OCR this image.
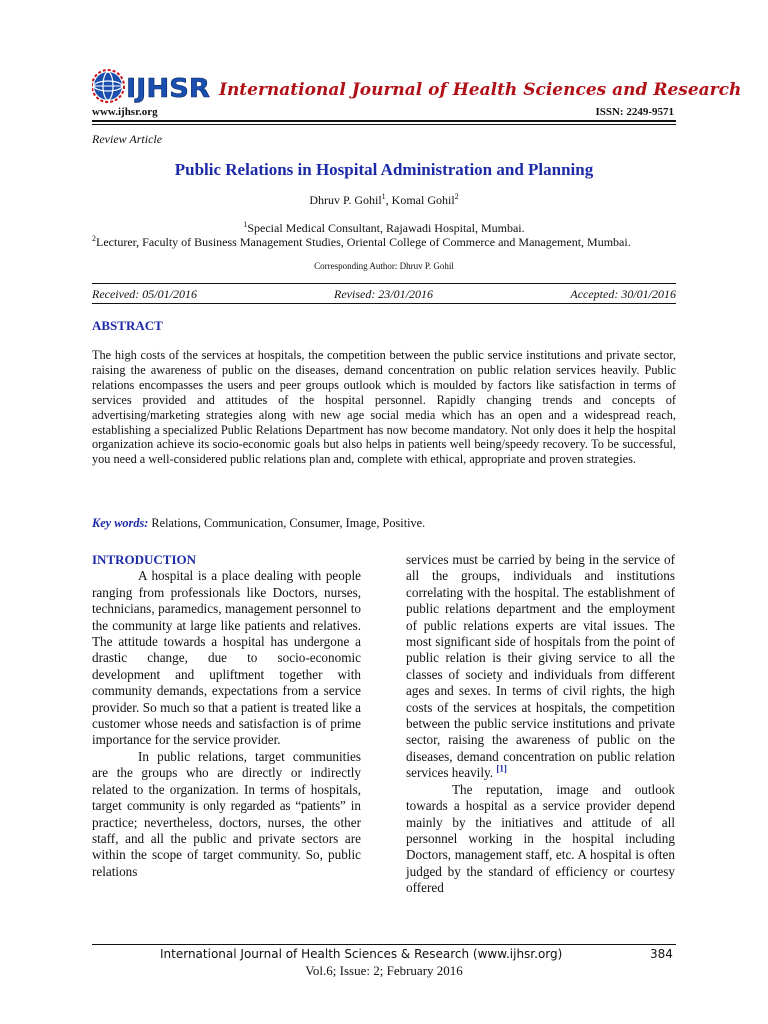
IJHSR International Journal of Health Sciences and Research
www.ijhsr.org	ISSN: 2249-9571
Review Article
Public Relations in Hospital Administration and Planning
Dhruv P. Gohil$^1$, Komal Gohil$^2$
$^1$Special Medical Consultant, Rajawadi Hospital, Mumbai.
$^2$Lecturer, Faculty of Business Management Studies, Oriental College of Commerce and Management, Mumbai.
Corresponding Author: Dhruv P. Gohil
Received: 05/01/2016	Revised: 23/01/2016	Accepted: 30/01/2016
ABSTRACT

The high costs of the services at hospitals, the competition between the public service institutions and private sector, raising the awareness of public on the diseases, demand concentration on public relation services heavily. Public relations encompasses the users and peer groups outlook which is moulded by factors like satisfaction in terms of services provided and attitudes of the hospital personnel. Rapidly changing trends and concepts of advertising/marketing strategies along with new age social media which has an open and a widespread reach, establishing a specialized Public Relations Department has now become mandatory. Not only does it help the hospital organization achieve its socio-economic goals but also helps in patients well being/speedy recovery. To be successful, you need a well-considered public relations plan and, complete with ethical, appropriate and proven strategies.

Key words: Relations, Communication, Consumer, Image, Positive.

INTRODUCTION

A hospital is a place dealing with people ranging from professionals like Doctors, nurses, technicians, paramedics, management personnel to the community at large like patients and relatives. The attitude towards a hospital has undergone a drastic change, due to socio-economic development and upliftment together with community demands, expectations from a service provider. So much so that a patient is treated like a customer whose needs and satisfaction is of prime importance for the service provider.

In public relations, target communities are the groups who are directly or indirectly related to the organization. In terms of hospitals, target community is only regarded as “patients” in practice; nevertheless, doctors, nurses, the other staff, and all the public and private sectors are within the scope of target community. So, public relations

services must be carried by being in the service of all the groups, individuals and institutions correlating with the hospital. The establishment of public relations department and the employment of public relations experts are vital issues. The most significant side of hospitals from the point of public relation is their giving service to all the classes of society and individuals from different ages and sexes. In terms of civil rights, the high costs of the services at hospitals, the competition between the public service institutions and private sector, raising the awareness of public on the diseases, demand concentration on public relation services heavily. [1]

The reputation, image and outlook towards a hospital as a service provider depend mainly by the initiatives and attitude of all personnel working in the hospital including Doctors, management staff, etc. A hospital is often judged by the standard of efficiency or courtesy offered

International Journal of Health Sciences & Research (www.ijhsr.org)	384
Vol.6; Issue: 2; February 2016
